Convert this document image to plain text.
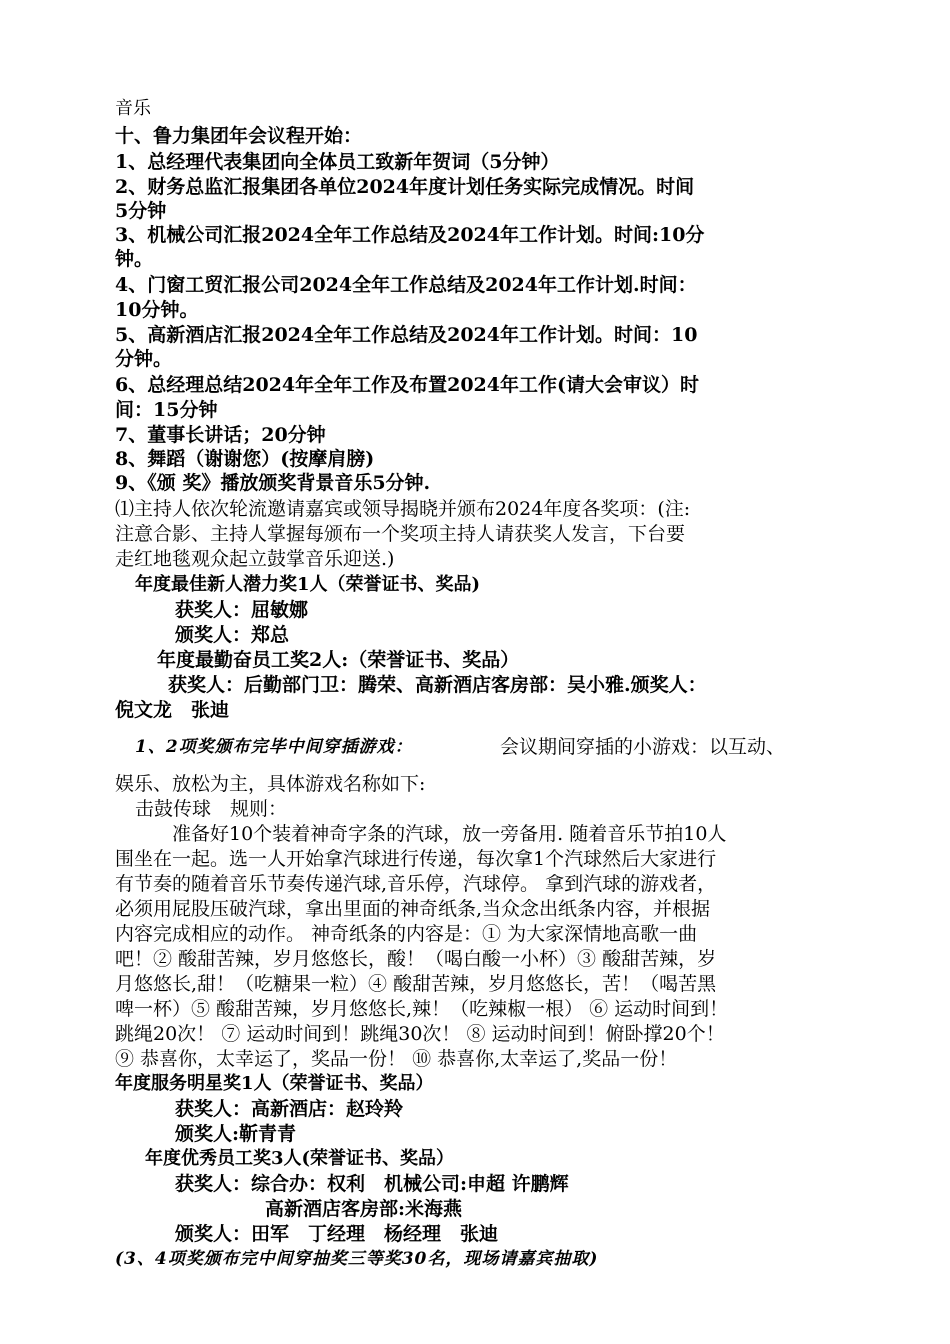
音乐
十、鲁力集团年会议程开始：
1、总经理代表集团向全体员工致新年贺词（5分钟）
2、财务总监汇报集团各单位2024年度计划任务实际完成情况。时间
5分钟
3、机械公司汇报2024全年工作总结及2024年工作计划。时间:10分
钟。
4、门窗工贸汇报公司2024全年工作总结及2024年工作计划.时间：
10分钟。
5、高新酒店汇报2024全年工作总结及2024年工作计划。时间：10
分钟。
6、总经理总结2024年全年工作及布置2024年工作(请大会审议）时
间：15分钟
7、董事长讲话；20分钟
8、舞蹈（谢谢您）(按摩肩膀)
9、《颁 奖》播放颁奖背景音乐5分钟.
⑴主持人依次轮流邀请嘉宾或领导揭晓并颁布2024年度各奖项：(注:
注意合影、主持人掌握每颁布一个奖项主持人请获奖人发言，下台要
走红地毯观众起立鼓掌音乐迎送.)
年度最佳新人潜力奖1人（荣誉证书、奖品)
获奖人：屈敏娜
颁奖人：郑总
年度最勤奋员工奖2人:（荣誉证书、奖品）
获奖人：后勤部门卫：腾荣、高新酒店客房部：吴小雅.颁奖人：
倪文龙　张迪
1、2项奖颁布完毕中间穿插游戏：	会议期间穿插的小游戏：以互动、
娱乐、放松为主，具体游戏名称如下:
击鼓传球　规则：
准备好10个装着神奇字条的汽球，放一旁备用. 随着音乐节拍10人
围坐在一起。选一人开始拿汽球进行传递，每次拿1个汽球然后大家进行
有节奏的随着音乐节奏传递汽球,音乐停，汽球停。 拿到汽球的游戏者，
必须用屁股压破汽球，拿出里面的神奇纸条,当众念出纸条内容，并根据
内容完成相应的动作。 神奇纸条的内容是：① 为大家深情地高歌一曲
吧！② 酸甜苦辣，岁月悠悠长，酸！（喝白酸一小杯）③ 酸甜苦辣，岁
月悠悠长,甜！（吃糖果一粒）④ 酸甜苦辣，岁月悠悠长，苦！（喝苦黑
啤一杯）⑤ 酸甜苦辣，岁月悠悠长,辣！（吃辣椒一根） ⑥ 运动时间到！
跳绳20次！ ⑦ 运动时间到！跳绳30次！ ⑧ 运动时间到！俯卧撑20个！
⑨ 恭喜你，太幸运了，奖品一份！ ⑩ 恭喜你,太幸运了,奖品一份！
年度服务明星奖1人（荣誉证书、奖品）
获奖人：高新酒店：赵玲羚
颁奖人:靳青青
年度优秀员工奖3人(荣誉证书、奖品）
获奖人：综合办：权利　机械公司:申超 许鹏辉
高新酒店客房部:米海燕
颁奖人：田军　丁经理　杨经理　张迪
(3、4项奖颁布完中间穿抽奖三等奖30名，现场请嘉宾抽取)
